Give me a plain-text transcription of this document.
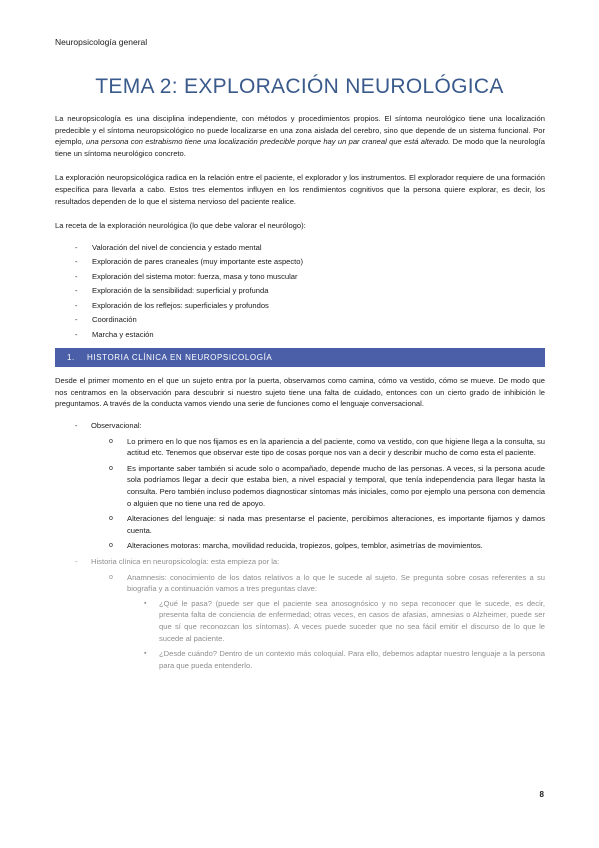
Neuropsicología general
TEMA 2: EXPLORACIÓN NEUROLÓGICA

La neuropsicología es una disciplina independiente, con métodos y procedimientos propios. El síntoma neurológico tiene una localización predecible y el síntoma neuropsicológico no puede localizarse en una zona aislada del cerebro, sino que depende de un sistema funcional. Por ejemplo, una persona con estrabismo tiene una localización predecible porque hay un par craneal que está alterado. De modo que la neurología tiene un síntoma neurológico concreto.

La exploración neuropsicológica radica en la relación entre el paciente, el explorador y los instrumentos. El explorador requiere de una formación específica para llevarla a cabo. Estos tres elementos influyen en los rendimientos cognitivos que la persona quiere explorar, es decir, los resultados dependen de lo que el sistema nervioso del paciente realice.

La receta de la exploración neurológica (lo que debe valorar el neurólogo):

- Valoración del nivel de conciencia y estado mental
- Exploración de pares craneales (muy importante este aspecto)
- Exploración del sistema motor: fuerza, masa y tono muscular
- Exploración de la sensibilidad: superficial y profunda
- Exploración de los reflejos: superficiales y profundos
- Coordinación
- Marcha y estación
1.	HISTORIA CLÍNICA EN NEUROPSICOLOGÍA

Desde el primer momento en el que un sujeto entra por la puerta, observamos como camina, cómo va vestido, cómo se mueve. De modo que nos centramos en la observación para descubrir si nuestro sujeto tiene una falta de cuidado, entonces con un cierto grado de inhibición le preguntamos. A través de la conducta vamos viendo una serie de funciones como el lenguaje conversacional.

- Observacional:
o Lo primero en lo que nos fijamos es en la apariencia a del paciente, como va vestido, con que higiene llega a la consulta, su actitud etc. Tenemos que observar este tipo de cosas porque nos van a decir y describir mucho de como esta el paciente.
o Es importante saber también si acude solo o acompañado, depende mucho de las personas. A veces, si la persona acude sola podríamos llegar a decir que estaba bien, a nivel espacial y temporal, que tenía independencia para llegar hasta la consulta. Pero también incluso podemos diagnosticar síntomas más iniciales, como por ejemplo una persona con demencia o alguien que no tiene una red de apoyo.
o Alteraciones del lenguaje: si nada mas presentarse el paciente, percibimos alteraciones, es importante fijarnos y damos cuenta.
o Alteraciones motoras: marcha, movilidad reducida, tropiezos, golpes, temblor, asimetrías de movimientos.
- Historia clínica en neuropsicología: esta empieza por la:
o Anamnesis: conocimiento de los datos relativos a lo que le sucede al sujeto. Se pregunta sobre cosas referentes a su biografía y a continuación vamos a tres preguntas clave:
▪ ¿Qué le pasa? (puede ser que el paciente sea anosognósico y no sepa reconocer que le sucede, es decir, presenta falta de conciencia de enfermedad; otras veces, en casos de afasias, amnesias o Alzheimer, puede ser que sí que reconozcan los síntomas). A veces puede suceder que no sea fácil emitir el discurso de lo que le sucede al paciente.
▪ ¿Desde cuándo? Dentro de un contexto más coloquial. Para ello, debemos adaptar nuestro lenguaje a la persona para que pueda entenderlo.
8
